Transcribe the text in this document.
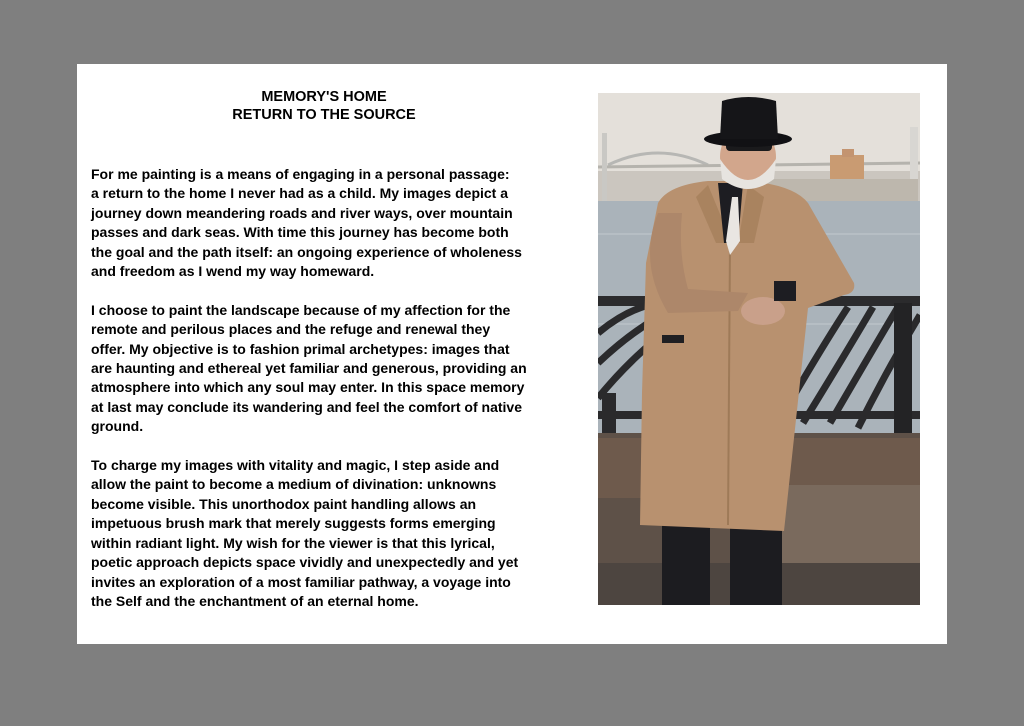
MEMORY'S HOME
RETURN TO THE SOURCE

For me painting is a means of engaging in a personal passage:
a return to the home I never had as a child. My images depict a
journey down meandering roads and river ways, over mountain
passes and dark seas. With time this journey has become both
the goal and the path itself: an ongoing experience of wholeness
and freedom as I wend my way homeward.

I choose to paint the landscape because of my affection for the
remote and perilous places and the refuge and renewal they
offer. My objective is to fashion primal archetypes: images that
are haunting and ethereal yet familiar and generous, providing an
atmosphere into which any soul may enter. In this space memory
at last may conclude its wandering and feel the comfort of native
ground.

To charge my images with vitality and magic, I step aside and
allow the paint to become a medium of divination: unknowns
become visible. This unorthodox paint handling allows an
impetuous brush mark that merely suggests forms emerging
within radiant light. My wish for the viewer is that this lyrical,
poetic approach depicts space vividly and unexpectedly and yet
invites an exploration of a most familiar pathway, a voyage into
the Self and the enchantment of an eternal home.
